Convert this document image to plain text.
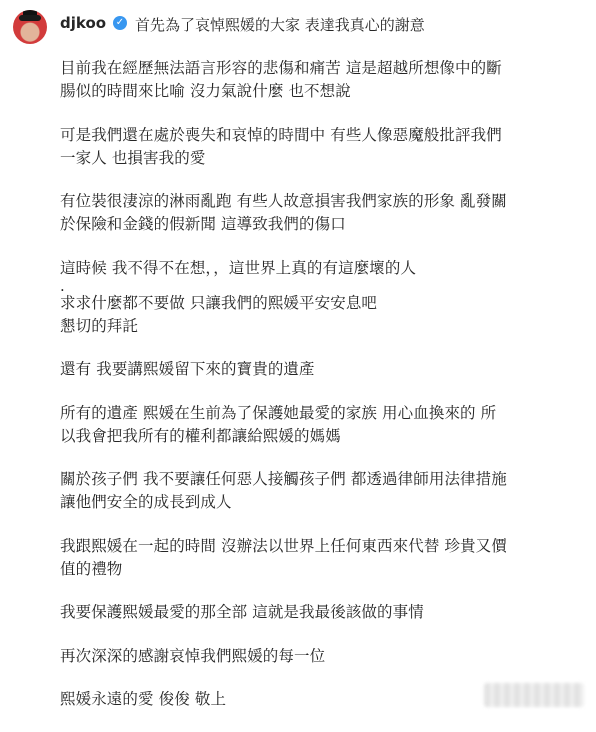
djkoo ✓ 首先為了哀悼熙媛的大家 表達我真心的謝意

目前我在經歷無法語言形容的悲傷和痛苦 這是超越所想像中的斷
腸似的時間來比喻 沒力氣說什麼 也不想說

可是我們還在處於喪失和哀悼的時間中 有些人像惡魔般批評我們
一家人 也損害我的愛

有位裝很淒涼的淋雨亂跑 有些人故意損害我們家族的形象 亂發關
於保險和金錢的假新聞 這導致我們的傷口

這時候 我不得不在想，，這世界上真的有這麼壞的人

.

求求什麼都不要做 只讓我們的熙媛平安安息吧
懇切的拜託

還有 我要講熙媛留下來的寶貴的遺產

所有的遺產 熙媛在生前為了保護她最愛的家族 用心血換來的 所
以我會把我所有的權利都讓給熙媛的媽媽

關於孩子們 我不要讓任何惡人接觸孩子們 都透過律師用法律措施
讓他們安全的成長到成人

我跟熙媛在一起的時間 沒辦法以世界上任何東西來代替 珍貴又價
值的禮物

我要保護熙媛最愛的那全部 這就是我最後該做的事情

再次深深的感謝哀悼我們熙媛的每一位

熙媛永遠的愛 俊俊 敬上
